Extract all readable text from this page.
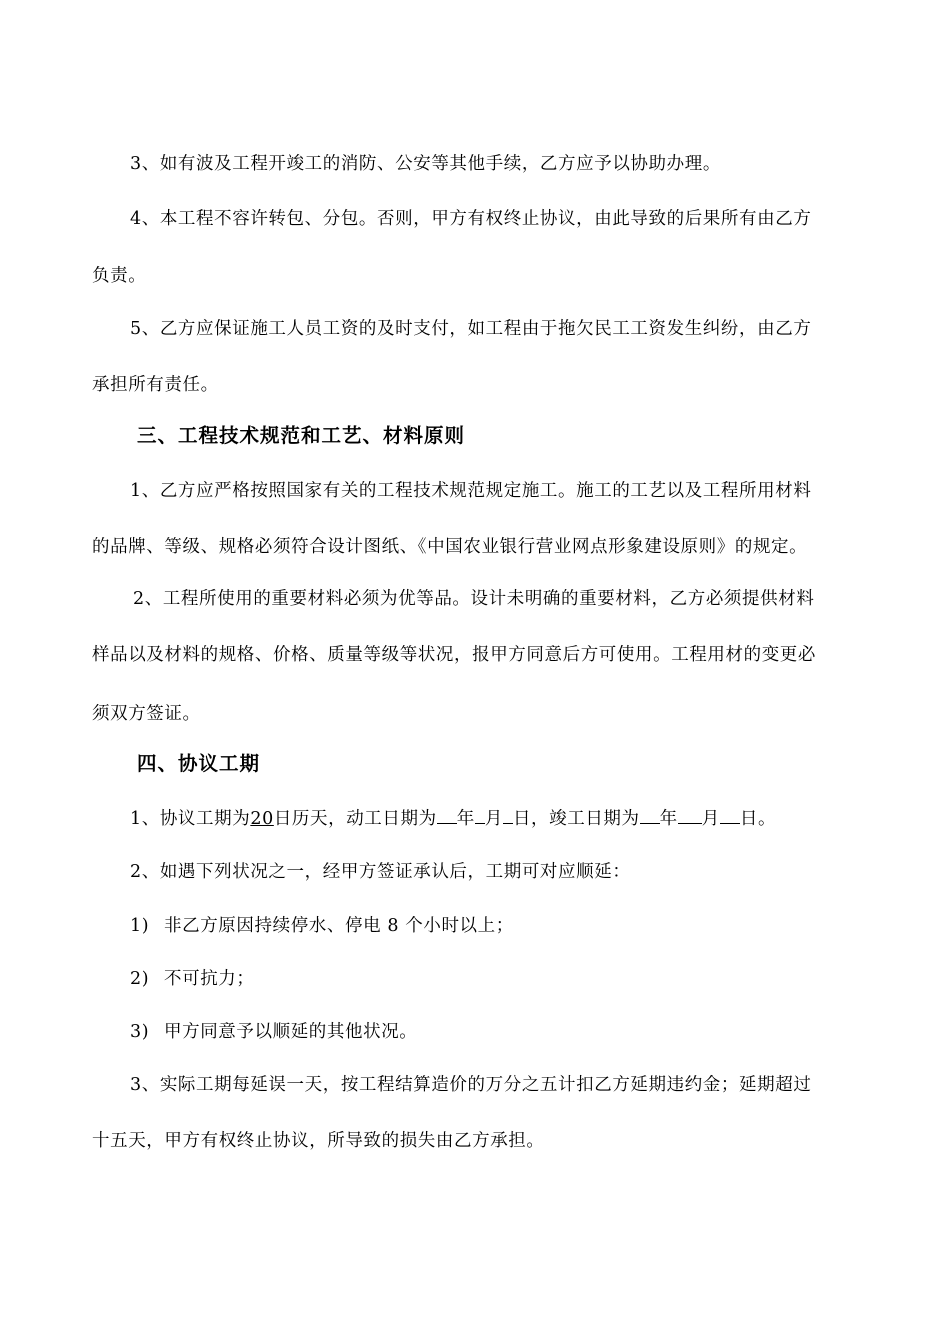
3、如有波及工程开竣工的消防、公安等其他手续，乙方应予以协助办理。
4、本工程不容许转包、分包。否则，甲方有权终止协议，由此导致的后果所有由乙方
负责。
5、乙方应保证施工人员工资的及时支付，如工程由于拖欠民工工资发生纠纷，由乙方
承担所有责任。
三、工程技术规范和工艺、材料原则
1、乙方应严格按照国家有关的工程技术规范规定施工。施工的工艺以及工程所用材料
的品牌、等级、规格必须符合设计图纸、《中国农业银行营业网点形象建设原则》的规定。
2、工程所使用的重要材料必须为优等品。设计未明确的重要材料，乙方必须提供材料
样品以及材料的规格、价格、质量等级等状况，报甲方同意后方可使用。工程用材的变更必
须双方签证。
四、协议工期
1、协议工期为20日历天，动工日期为 年 月 日，竣工日期为 年 月 日。
2、如遇下列状况之一，经甲方签证承认后，工期可对应顺延：
1) 非乙方原因持续停水、停电 8 个小时以上；
2) 不可抗力；
3) 甲方同意予以顺延的其他状况。
3、实际工期每延误一天，按工程结算造价的万分之五计扣乙方延期违约金；延期超过
十五天，甲方有权终止协议，所导致的损失由乙方承担。
